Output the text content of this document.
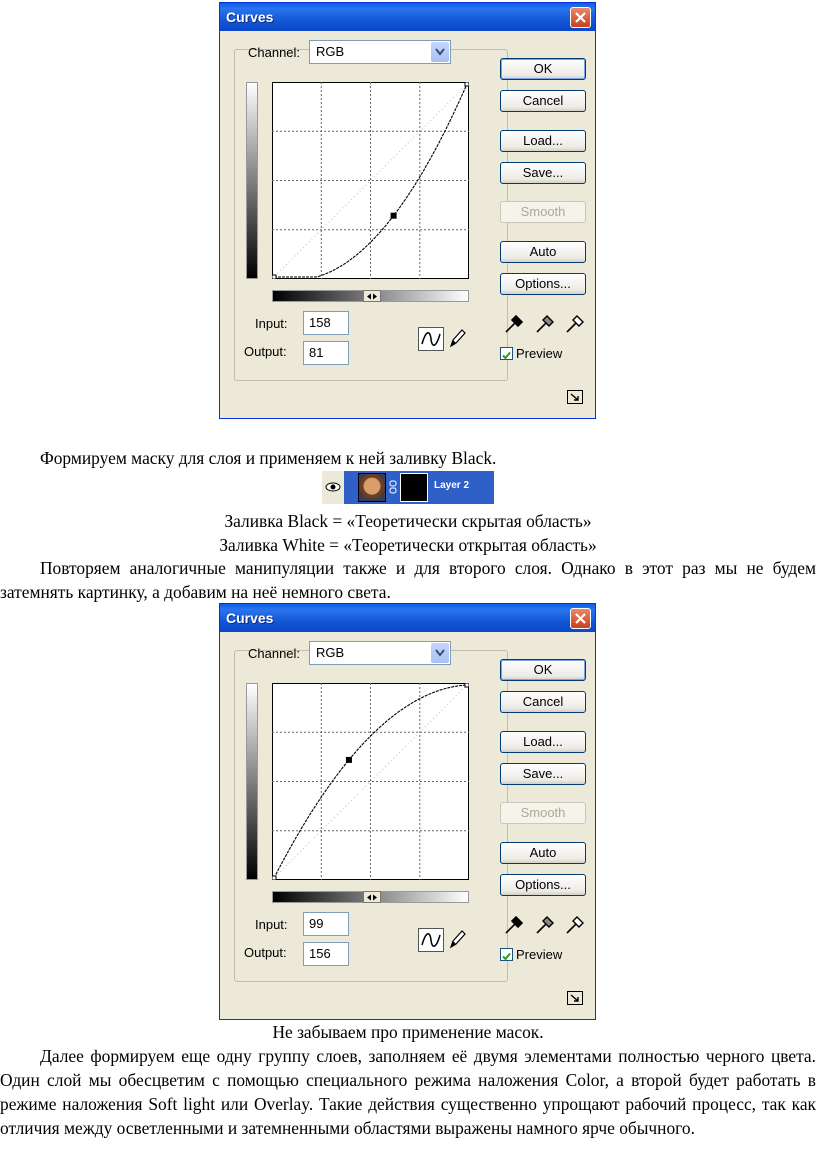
Curves
Channel:	RGB
Input:	158
Output:	81
OK
Cancel
Load...
Save...
Smooth
Auto
Options...
Preview

Формируем маску для слоя и применяем к ней заливку Black.

Layer 2
Заливка Black = «Теоретически скрытая область»
Заливка White = «Теоретически открытая область»

Повторяем аналогичные манипуляции также и для второго слоя. Однако в этот раз мы не будем затемнять картинку, а добавим на неё немного света.

Curves
Channel:	RGB
Input:	99
Output:	156
OK
Cancel
Load...
Save...
Smooth
Auto
Options...
Preview
Не забываем про применение масок.

Далее формируем еще одну группу слоев, заполняем её двумя элементами полностью черного цвета. Один слой мы обесцветим с помощью специального режима наложения Color, а второй будет работать в режиме наложения Soft light или Overlay. Такие действия существенно упрощают рабочий процесс, так как отличия между осветленными и затемненными областями выражены намного ярче обычного.
